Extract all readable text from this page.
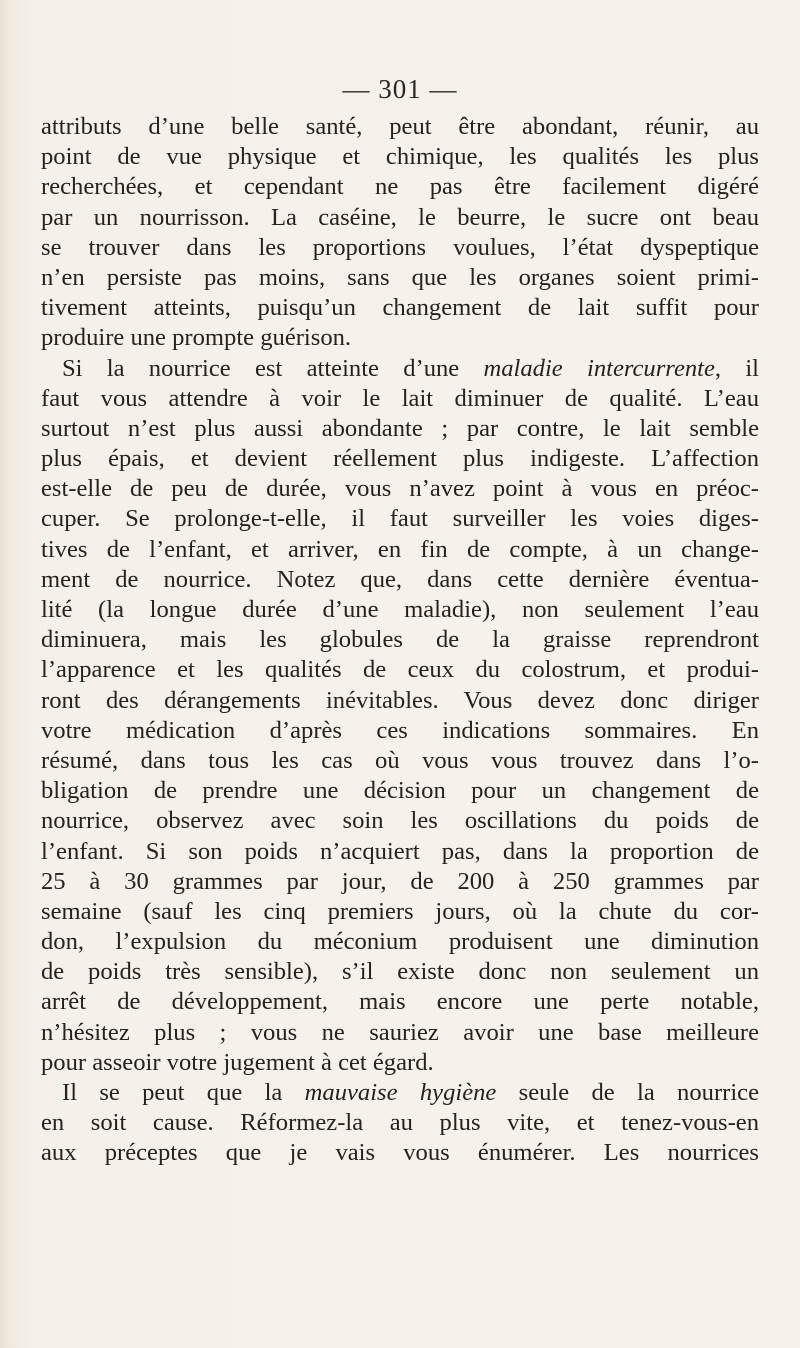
— 301 —
attributs d’une belle santé, peut être abondant, réunir, au
point de vue physique et chimique, les qualités les plus
recherchées, et cependant ne pas être facilement digéré
par un nourrisson. La caséine, le beurre, le sucre ont beau
se trouver dans les proportions voulues, l’état dyspeptique
n’en persiste pas moins, sans que les organes soient primi-
tivement atteints, puisqu’un changement de lait suffit pour
produire une prompte guérison.
Si la nourrice est atteinte d’une maladie intercurrente, il
faut vous attendre à voir le lait diminuer de qualité. L’eau
surtout n’est plus aussi abondante ; par contre, le lait semble
plus épais, et devient réellement plus indigeste. L’affection
est-elle de peu de durée, vous n’avez point à vous en préoc-
cuper. Se prolonge-t-elle, il faut surveiller les voies diges-
tives de l’enfant, et arriver, en fin de compte, à un change-
ment de nourrice. Notez que, dans cette dernière éventua-
lité (la longue durée d’une maladie), non seulement l’eau
diminuera, mais les globules de la graisse reprendront
l’apparence et les qualités de ceux du colostrum, et produi-
ront des dérangements inévitables. Vous devez donc diriger
votre médication d’après ces indications sommaires. En
résumé, dans tous les cas où vous vous trouvez dans l’o-
bligation de prendre une décision pour un changement de
nourrice, observez avec soin les oscillations du poids de
l’enfant. Si son poids n’acquiert pas, dans la proportion de
25 à 30 grammes par jour, de 200 à 250 grammes par
semaine (sauf les cinq premiers jours, où la chute du cor-
don, l’expulsion du méconium produisent une diminution
de poids très sensible), s’il existe donc non seulement un
arrêt de développement, mais encore une perte notable,
n’hésitez plus ; vous ne sauriez avoir une base meilleure
pour asseoir votre jugement à cet égard.
Il se peut que la mauvaise hygiène seule de la nourrice
en soit cause. Réformez-la au plus vite, et tenez-vous-en
aux préceptes que je vais vous énumérer. Les nourrices
